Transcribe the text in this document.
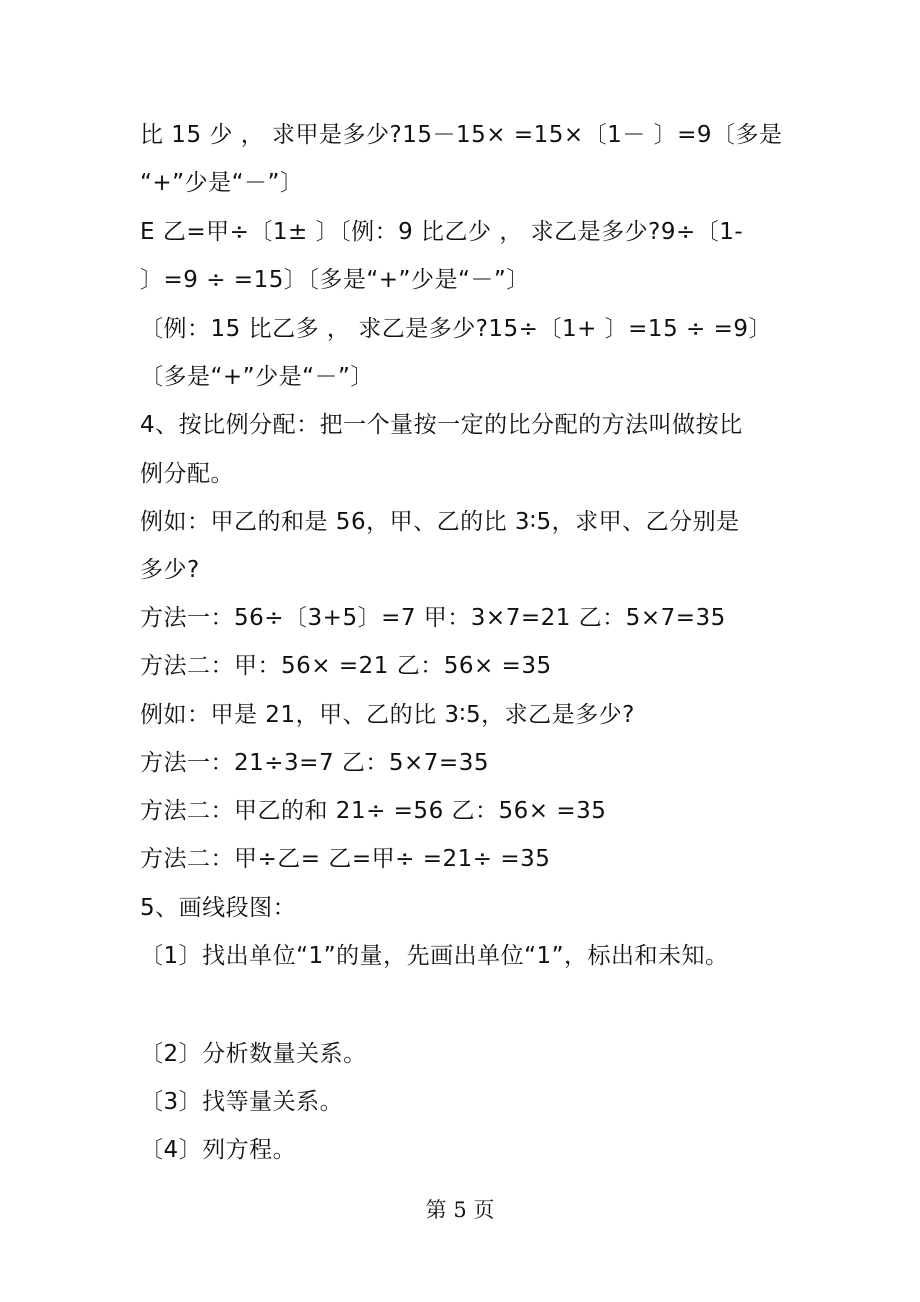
比 15 少 ， 求甲是多少?15－15× =15×〔1－ 〕=9〔多是
“+”少是“－”〕
E 乙=甲÷〔1± 〕〔例：9 比乙少 ， 求乙是多少?9÷〔1-
〕=9 ÷ =15〕〔多是“+”少是“－”〕
〔例：15 比乙多 ， 求乙是多少?15÷〔1+ 〕=15 ÷ =9〕
〔多是“+”少是“－”〕
4、按比例分配：把一个量按一定的比分配的方法叫做按比
例分配。
例如：甲乙的和是 56，甲、乙的比 3∶5，求甲、乙分别是
多少?
方法一：56÷〔3+5〕=7 甲：3×7=21 乙：5×7=35
方法二：甲：56× =21 乙：56× =35
例如：甲是 21，甲、乙的比 3∶5，求乙是多少?
方法一：21÷3=7 乙：5×7=35
方法二：甲乙的和 21÷ =56 乙：56× =35
方法二：甲÷乙= 乙=甲÷ =21÷ =35
5、画线段图：
〔1〕找出单位“1”的量，先画出单位“1”，标出和未知。
〔2〕分析数量关系。
〔3〕找等量关系。
〔4〕列方程。
第 5 页
